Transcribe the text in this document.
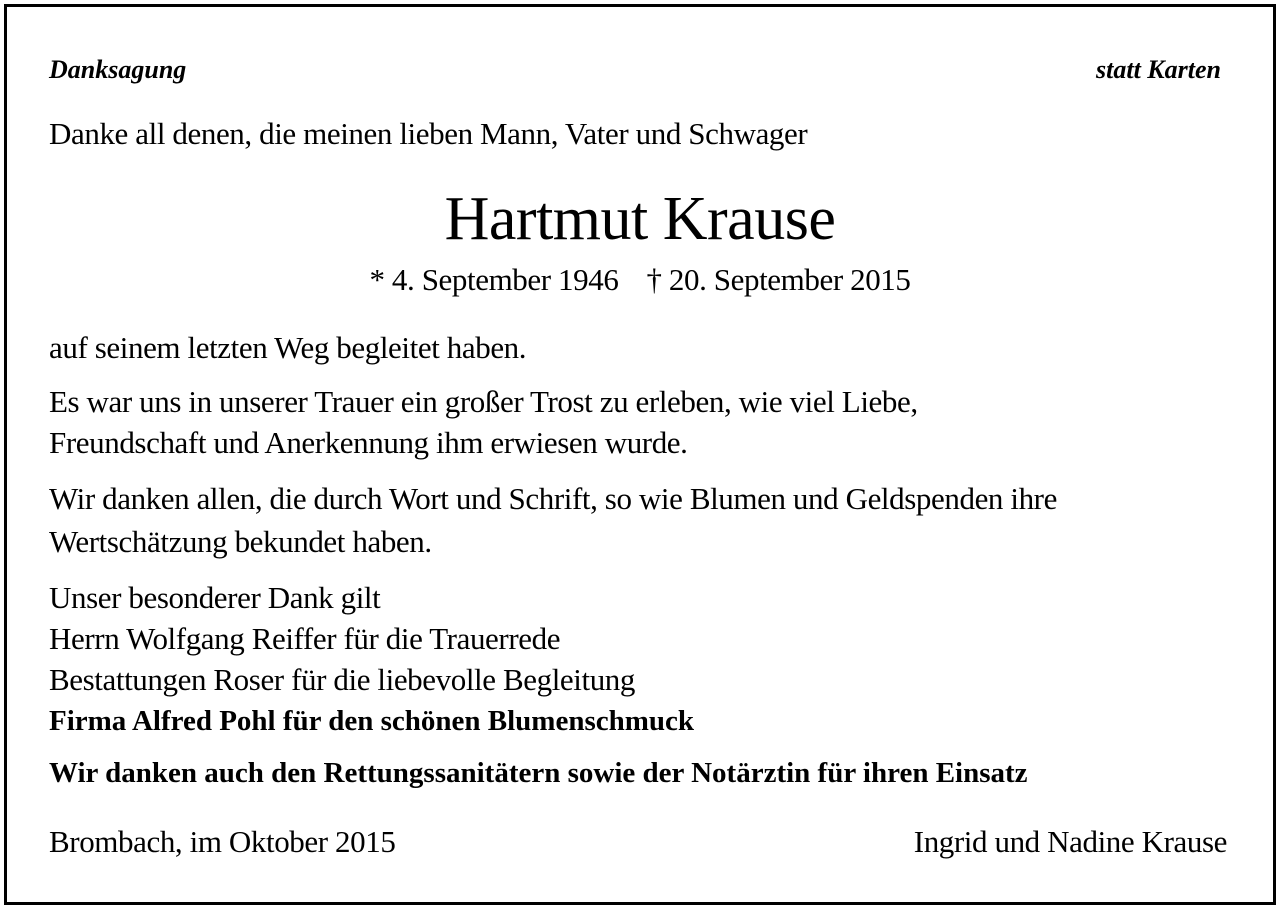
Danksagung	statt Karten
Danke all denen, die meinen lieben Mann, Vater und Schwager
Hartmut Krause
* 4. September 1946 † 20. September 2015
auf seinem letzten Weg begleitet haben.
Es war uns in unserer Trauer ein großer Trost zu erleben, wie viel Liebe,
Freundschaft und Anerkennung ihm erwiesen wurde.
Wir danken allen, die durch Wort und Schrift, so wie Blumen und Geldspenden ihre
Wertschätzung bekundet haben.
Unser besonderer Dank gilt
Herrn Wolfgang Reiffer für die Trauerrede
Bestattungen Roser für die liebevolle Begleitung
Firma Alfred Pohl für den schönen Blumenschmuck
Wir danken auch den Rettungssanitätern sowie der Notärztin für ihren Einsatz
Brombach, im Oktober 2015	Ingrid und Nadine Krause
